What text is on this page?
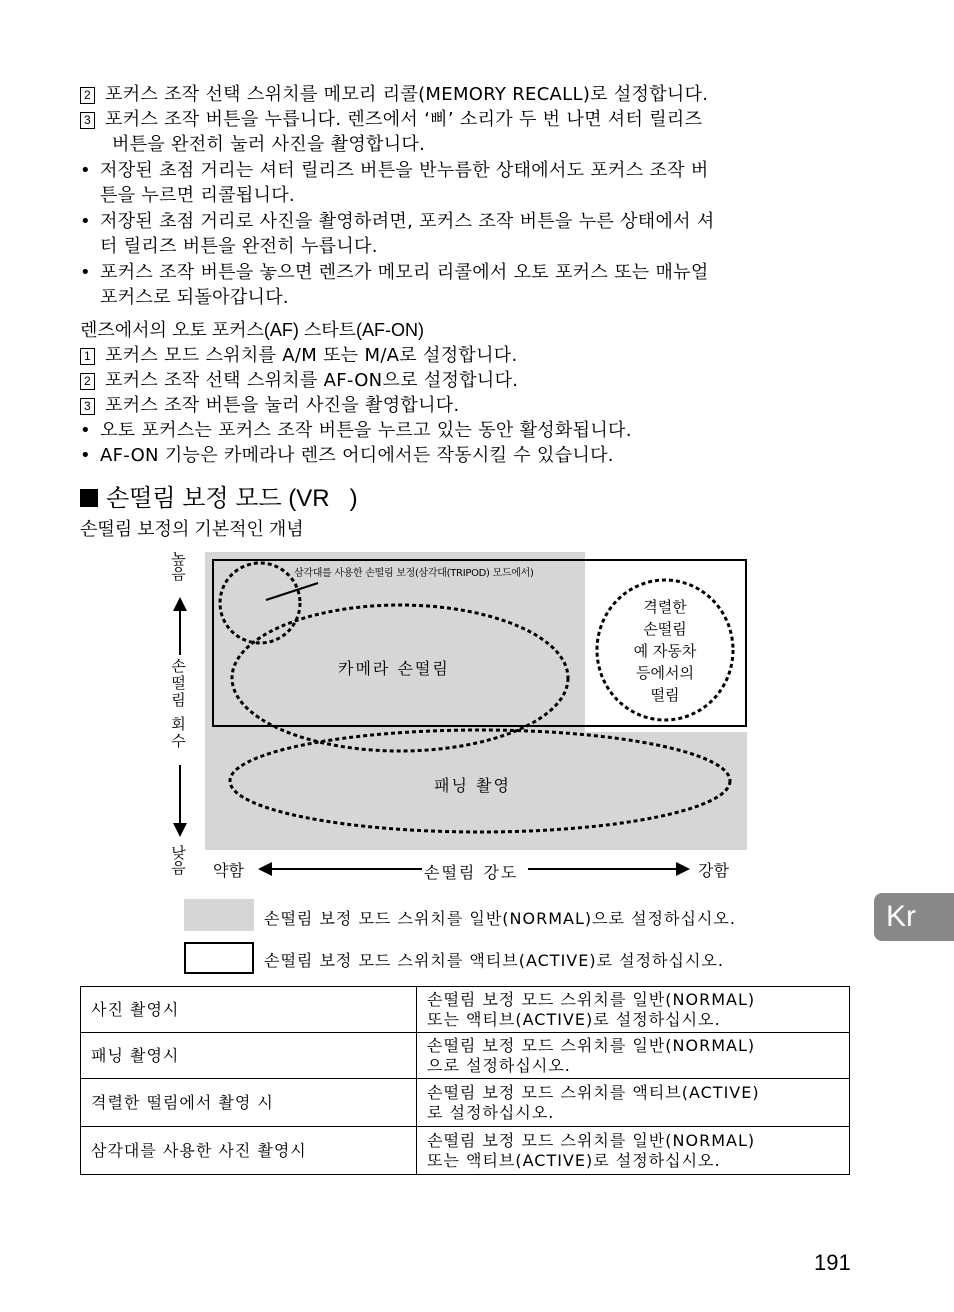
2 포커스 조작 선택 스위치를 메모리 리콜(MEMORY RECALL)로 설정합니다.
3 포커스 조작 버튼을 누릅니다. 렌즈에서 ‘삐’ 소리가 두 번 나면 셔터 릴리즈
버튼을 완전히 눌러 사진을 촬영합니다.
• 저장된 초점 거리는 셔터 릴리즈 버튼을 반누름한 상태에서도 포커스 조작 버
튼을 누르면 리콜됩니다.
• 저장된 초점 거리로 사진을 촬영하려면, 포커스 조작 버튼을 누른 상태에서 셔
터 릴리즈 버튼을 완전히 누릅니다.
• 포커스 조작 버튼을 놓으면 렌즈가 메모리 리콜에서 오토 포커스 또는 매뉴얼
포커스로 되돌아갑니다.
렌즈에서의 오토 포커스(AF) 스타트(AF-ON)
1 포커스 모드 스위치를 A/M 또는 M/A로 설정합니다.
2 포커스 조작 선택 스위치를 AF-ON으로 설정합니다.
3 포커스 조작 버튼을 눌러 사진을 촬영합니다.
• 오토 포커스는 포커스 조작 버튼을 누르고 있는 동안 활성화됩니다.
• AF-ON 기능은 카메라나 렌즈 어디에서든 작동시킬 수 있습니다.
손떨림 보정 모드 (VR   )
손떨림 보정의 기본적인 개념
높음
손떨림 회수
낮음 약함	손떨림 강도	강함
삼각대를 사용한 손떨림 보정(삼각대(TRIPOD) 모드에서)
카메라 손떨림
패닝 촬영
격렬한
손떨림
예 자동차
등에서의
떨림
손떨림 보정 모드 스위치를 일반(NORMAL)으로 설정하십시오.
손떨림 보정 모드 스위치를 액티브(ACTIVE)로 설정하십시오.
Kr
사진 촬영시	손떨림 보정 모드 스위치를 일반(NORMAL)
또는 액티브(ACTIVE)로 설정하십시오.

패닝 촬영시	손떨림 보정 모드 스위치를 일반(NORMAL)
으로 설정하십시오.

격렬한 떨림에서 촬영 시	손떨림 보정 모드 스위치를 액티브(ACTIVE)
로 설정하십시오.

삼각대를 사용한 사진 촬영시	손떨림 보정 모드 스위치를 일반(NORMAL)
또는 액티브(ACTIVE)로 설정하십시오.
191
